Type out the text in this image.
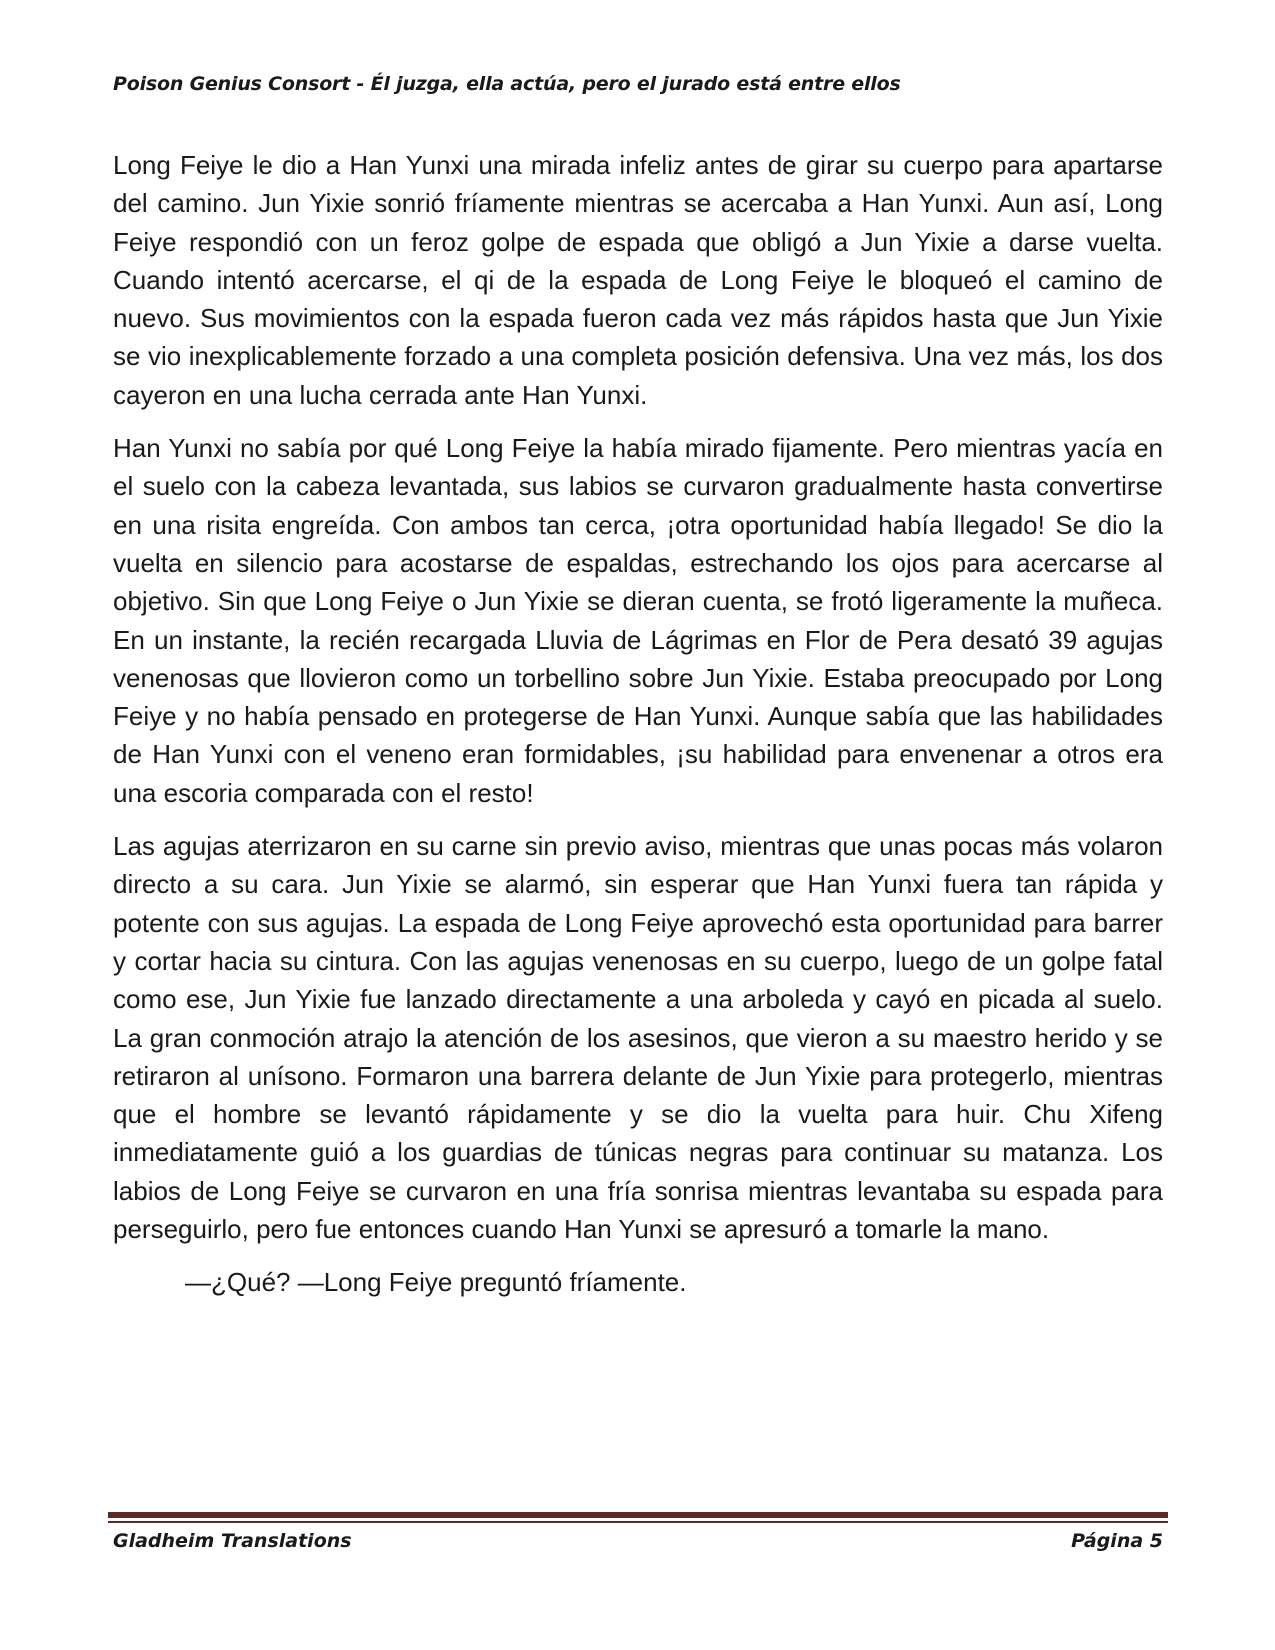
Poison Genius Consort - Él juzga, ella actúa, pero el jurado está entre ellos

Long Feiye le dio a Han Yunxi una mirada infeliz antes de girar su cuerpo para apartarse del camino. Jun Yixie sonrió fríamente mientras se acercaba a Han Yunxi. Aun así, Long Feiye respondió con un feroz golpe de espada que obligó a Jun Yixie a darse vuelta. Cuando intentó acercarse, el qi de la espada de Long Feiye le bloqueó el camino de nuevo. Sus movimientos con la espada fueron cada vez más rápidos hasta que Jun Yixie se vio inexplicablemente forzado a una completa posición defensiva. Una vez más, los dos cayeron en una lucha cerrada ante Han Yunxi.

Han Yunxi no sabía por qué Long Feiye la había mirado fijamente. Pero mientras yacía en el suelo con la cabeza levantada, sus labios se curvaron gradualmente hasta convertirse en una risita engreída. Con ambos tan cerca, ¡otra oportunidad había llegado! Se dio la vuelta en silencio para acostarse de espaldas, estrechando los ojos para acercarse al objetivo. Sin que Long Feiye o Jun Yixie se dieran cuenta, se frotó ligeramente la muñeca. En un instante, la recién recargada Lluvia de Lágrimas en Flor de Pera desató 39 agujas venenosas que llovieron como un torbellino sobre Jun Yixie. Estaba preocupado por Long Feiye y no había pensado en protegerse de Han Yunxi. Aunque sabía que las habilidades de Han Yunxi con el veneno eran formidables, ¡su habilidad para envenenar a otros era una escoria comparada con el resto!

Las agujas aterrizaron en su carne sin previo aviso, mientras que unas pocas más volaron directo a su cara. Jun Yixie se alarmó, sin esperar que Han Yunxi fuera tan rápida y potente con sus agujas. La espada de Long Feiye aprovechó esta oportunidad para barrer y cortar hacia su cintura. Con las agujas venenosas en su cuerpo, luego de un golpe fatal como ese, Jun Yixie fue lanzado directamente a una arboleda y cayó en picada al suelo. La gran conmoción atrajo la atención de los asesinos, que vieron a su maestro herido y se retiraron al unísono. Formaron una barrera delante de Jun Yixie para protegerlo, mientras que el hombre se levantó rápidamente y se dio la vuelta para huir. Chu Xifeng inmediatamente guió a los guardias de túnicas negras para continuar su matanza. Los labios de Long Feiye se curvaron en una fría sonrisa mientras levantaba su espada para perseguirlo, pero fue entonces cuando Han Yunxi se apresuró a tomarle la mano.

—¿Qué? —Long Feiye preguntó fríamente.

Gladheim Translations	Página 5
